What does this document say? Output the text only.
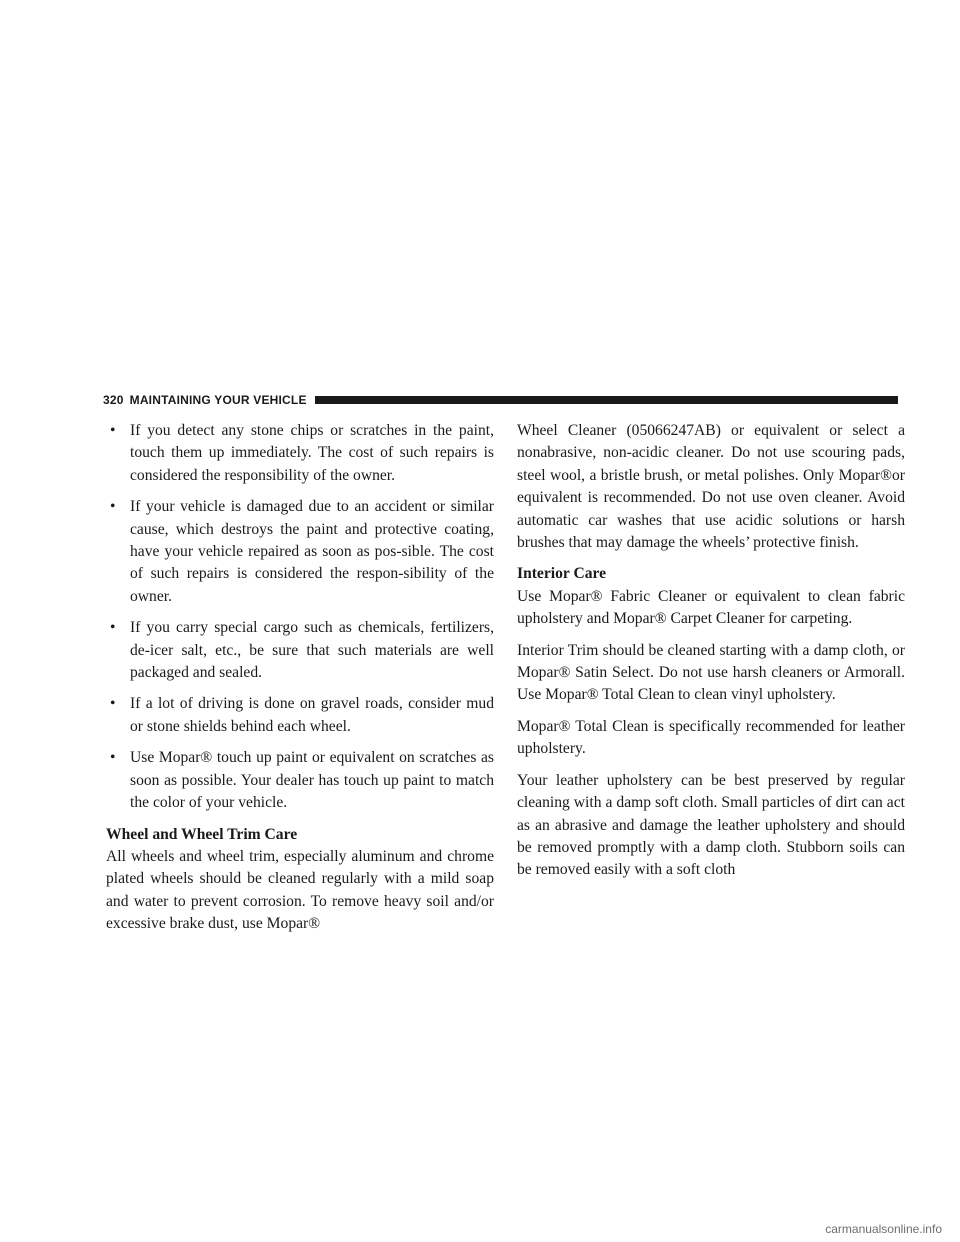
320 MAINTAINING YOUR VEHICLE
• If you detect any stone chips or scratches in the paint, touch them up immediately. The cost of such repairs is considered the responsibility of the owner.
• If your vehicle is damaged due to an accident or similar cause, which destroys the paint and protective coating, have your vehicle repaired as soon as pos-sible. The cost of such repairs is considered the respon-sibility of the owner.
• If you carry special cargo such as chemicals, fertilizers, de-icer salt, etc., be sure that such materials are well packaged and sealed.
• If a lot of driving is done on gravel roads, consider mud or stone shields behind each wheel.
• Use Mopar® touch up paint or equivalent on scratches as soon as possible. Your dealer has touch up paint to match the color of your vehicle.
Wheel and Wheel Trim Care

All wheels and wheel trim, especially aluminum and chrome plated wheels should be cleaned regularly with a mild soap and water to prevent corrosion. To remove heavy soil and/or excessive brake dust, use Mopar®

Wheel Cleaner (05066247AB) or equivalent or select a nonabrasive, non-acidic cleaner. Do not use scouring pads, steel wool, a bristle brush, or metal polishes. Only Mopar®or equivalent is recommended. Do not use oven cleaner. Avoid automatic car washes that use acidic solutions or harsh brushes that may damage the wheels’ protective finish.

Interior Care

Use Mopar® Fabric Cleaner or equivalent to clean fabric upholstery and Mopar® Carpet Cleaner for carpeting.

Interior Trim should be cleaned starting with a damp cloth, or Mopar® Satin Select. Do not use harsh cleaners or Armorall. Use Mopar® Total Clean to clean vinyl upholstery.

Mopar® Total Clean is specifically recommended for leather upholstery.

Your leather upholstery can be best preserved by regular cleaning with a damp soft cloth. Small particles of dirt can act as an abrasive and damage the leather upholstery and should be removed promptly with a damp cloth. Stubborn soils can be removed easily with a soft cloth

carmanualsonline.info
